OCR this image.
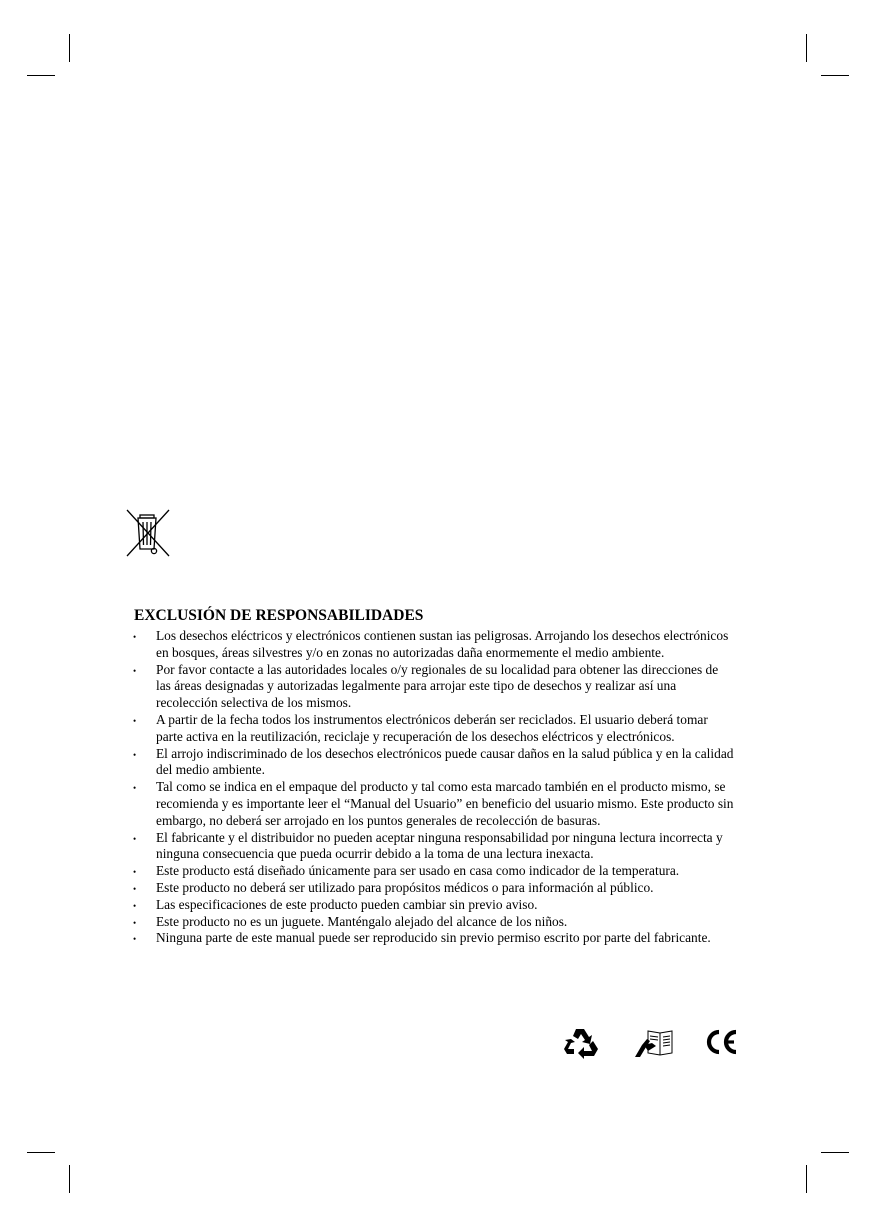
EXCLUSIÓN DE RESPONSABILIDADES
• Los desechos eléctricos y electrónicos contienen sustan ias peligrosas. Arrojando los desechos electrónicos en bosques, áreas silvestres y/o en zonas no autorizadas daña enormemente el medio ambiente.
• Por favor contacte a las autoridades locales o/y regionales de su localidad para obtener las direcciones de las áreas designadas y autorizadas legalmente para arrojar este tipo de desechos y realizar así una recolección selectiva de los mismos.
• A partir de la fecha todos los instrumentos electrónicos deberán ser reciclados. El usuario deberá tomar parte activa en la reutilización, reciclaje y recuperación de los desechos eléctricos y electrónicos.
• El arrojo indiscriminado de los desechos electrónicos puede causar daños en la salud pública y en la calidad del medio ambiente.
• Tal como se indica en el empaque del producto y tal como esta marcado también en el producto mismo, se recomienda y es importante leer el “Manual del Usuario” en beneficio del usuario mismo. Este producto sin embargo, no deberá ser arrojado en los puntos generales de recolección de basuras.
• El fabricante y el distribuidor no pueden aceptar ninguna responsabilidad por ninguna lectura incorrecta y ninguna consecuencia que pueda ocurrir debido a la toma de una lectura inexacta.
• Este producto está diseñado únicamente para ser usado en casa como indicador de la temperatura.
• Este producto no deberá ser utilizado para propósitos médicos o para información al público.
• Las especificaciones de este producto pueden cambiar sin previo aviso.
• Este producto no es un juguete. Manténgalo alejado del alcance de los niños.
• Ninguna parte de este manual puede ser reproducido sin previo permiso escrito por parte del fabricante.
